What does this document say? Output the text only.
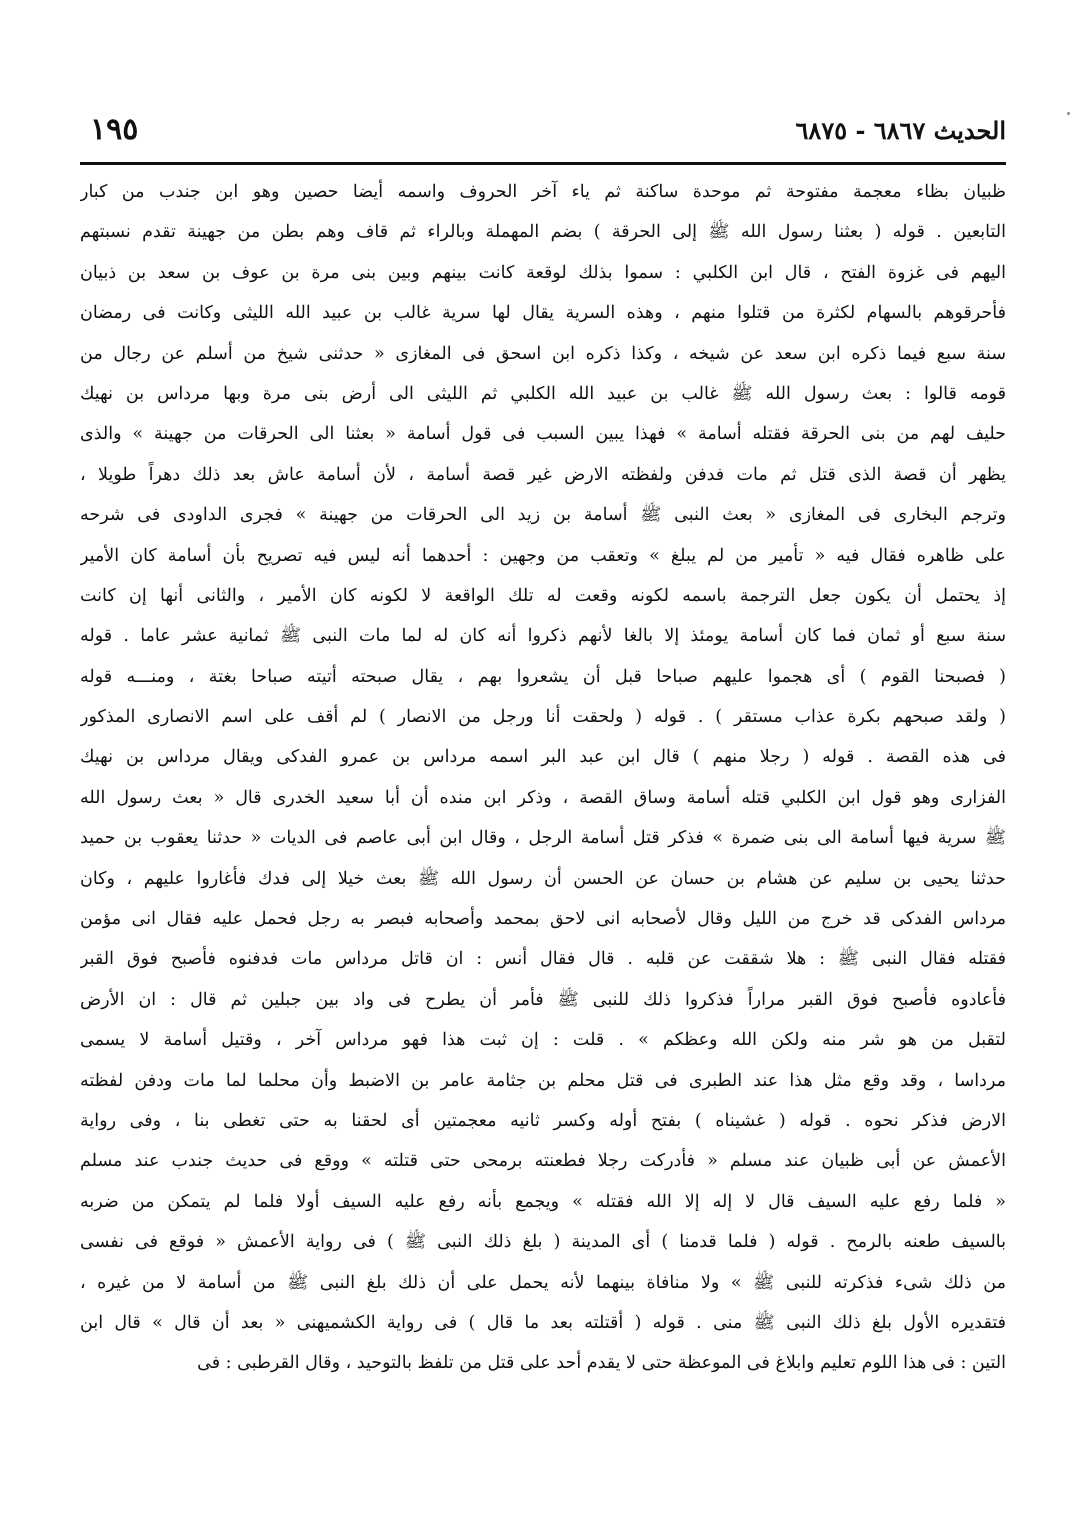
الحديث ٦٨٦٧ - ٦٨٧٥
١٩٥
ظبيان بظاء معجمة مفتوحة ثم موحدة ساكنة ثم ياء آخر الحروف واسمه أيضا حصين وهو ابن جندب من كبار
التابعين . قوله ( بعثنا رسول الله ﷺ إلى الحرقة ) بضم المهملة وبالراء ثم قاف وهم بطن من جهينة تقدم نسبتهم
اليهم فى غزوة الفتح ، قال ابن الكلبي : سموا بذلك لوقعة كانت بينهم وبين بنى مرة بن عوف بن سعد بن ذبيان
فأحرقوهم بالسهام لكثرة من قتلوا منهم ، وهذه السرية يقال لها سرية غالب بن عبيد الله الليثى وكانت فى رمضان
سنة سبع فيما ذكره ابن سعد عن شيخه ، وكذا ذكره ابن اسحق فى المغازى « حدثنى شيخ من أسلم عن رجال من
قومه قالوا : بعث رسول الله ﷺ غالب بن عبيد الله الكلبي ثم الليثى الى أرض بنى مرة وبها مرداس بن نهيك
حليف لهم من بنى الحرقة فقتله أسامة » فهذا يبين السبب فى قول أسامة « بعثنا الى الحرقات من جهينة » والذى
يظهر أن قصة الذى قتل ثم مات فدفن ولفظته الارض غير قصة أسامة ، لأن أسامة عاش بعد ذلك دهراً طويلا ،
وترجم البخارى فى المغازى « بعث النبى ﷺ أسامة بن زيد الى الحرقات من جهينة » فجرى الداودى فى شرحه
على ظاهره فقال فيه « تأمير من لم يبلغ » وتعقب من وجهين : أحدهما أنه ليس فيه تصريح بأن أسامة كان الأمير
إذ يحتمل أن يكون جعل الترجمة باسمه لكونه وقعت له تلك الواقعة لا لكونه كان الأمير ، والثانى أنها إن كانت
سنة سبع أو ثمان فما كان أسامة يومئذ إلا بالغا لأنهم ذكروا أنه كان له لما مات النبى ﷺ ثمانية عشر عاما . قوله
( فصبحنا القوم ) أى هجموا عليهم صباحا قبل أن يشعروا بهم ، يقال صبحته أتيته صباحا بغتة ، ومنـــه قوله
( ولقد صبحهم بكرة عذاب مستقر ) . قوله ( ولحقت أنا ورجل من الانصار ) لم أقف على اسم الانصارى المذكور
فى هذه القصة . قوله ( رجلا منهم ) قال ابن عبد البر اسمه مرداس بن عمرو الفدكى ويقال مرداس بن نهيك
الفزارى وهو قول ابن الكلبي قتله أسامة وساق القصة ، وذكر ابن منده أن أبا سعيد الخدرى قال « بعث رسول الله
ﷺ سرية فيها أسامة الى بنى ضمرة » فذكر قتل أسامة الرجل ، وقال ابن أبى عاصم فى الديات « حدثنا يعقوب بن حميد
حدثنا يحيى بن سليم عن هشام بن حسان عن الحسن أن رسول الله ﷺ بعث خيلا إلى فدك فأغاروا عليهم ، وكان
مرداس الفدكى قد خرج من الليل وقال لأصحابه انى لاحق بمحمد وأصحابه فبصر به رجل فحمل عليه فقال انى مؤمن
فقتله فقال النبى ﷺ : هلا شققت عن قلبه . قال فقال أنس : ان قاتل مرداس مات فدفنوه فأصبح فوق القبر
فأعادوه فأصبح فوق القبر مراراً فذكروا ذلك للنبى ﷺ فأمر أن يطرح فى واد بين جبلين ثم قال : ان الأرض
لتقبل من هو شر منه ولكن الله وعظكم » . قلت : إن ثبت هذا فهو مرداس آخر ، وقتيل أسامة لا يسمى
مرداسا ، وقد وقع مثل هذا عند الطبرى فى قتل محلم بن جثامة عامر بن الاضبط وأن محلما لما مات ودفن لفظته
الارض فذكر نحوه . قوله ( غشيناه ) بفتح أوله وكسر ثانيه معجمتين أى لحقنا به حتى تغطى بنا ، وفى رواية
الأعمش عن أبى ظبيان عند مسلم « فأدركت رجلا فطعنته برمحى حتى قتلته » ووقع فى حديث جندب عند مسلم
« فلما رفع عليه السيف قال لا إله إلا الله فقتله » ويجمع بأنه رفع عليه السيف أولا فلما لم يتمكن من ضربه
بالسيف طعنه بالرمح . قوله ( فلما قدمنا ) أى المدينة ( بلغ ذلك النبى ﷺ ) فى رواية الأعمش « فوقع فى نفسى
من ذلك شىء فذكرته للنبى ﷺ » ولا منافاة بينهما لأنه يحمل على أن ذلك بلغ النبى ﷺ من أسامة لا من غيره ،
فتقديره الأول بلغ ذلك النبى ﷺ منى . قوله ( أقتلته بعد ما قال ) فى رواية الكشميهنى « بعد أن قال » قال ابن
التين : فى هذا اللوم تعليم وابلاغ فى الموعظة حتى لا يقدم أحد على قتل من تلفظ بالتوحيد ، وقال القرطبى : فى
